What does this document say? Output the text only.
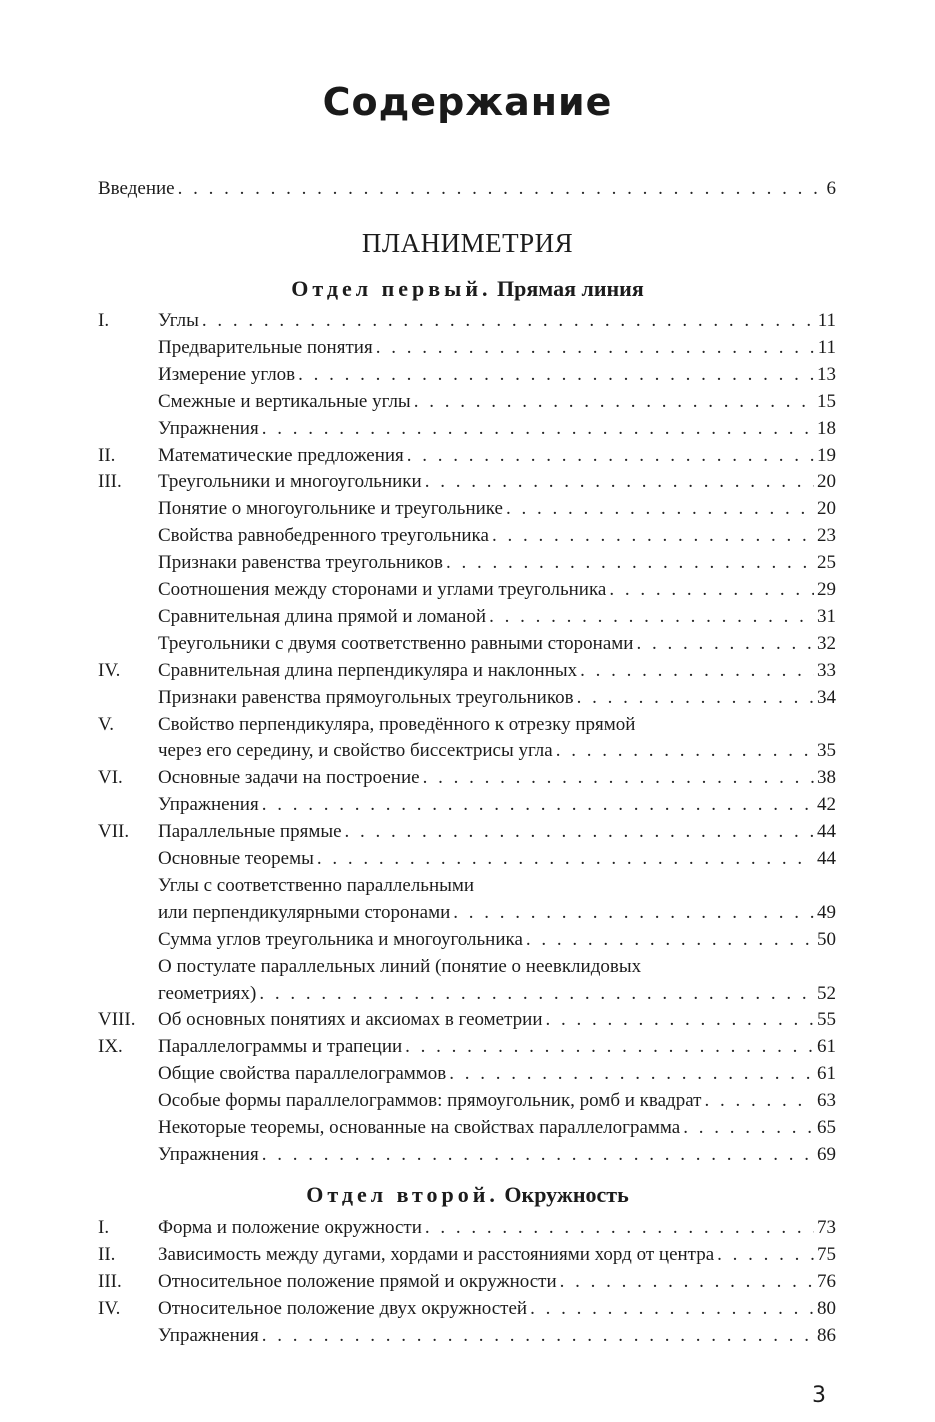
Содержание
Введение . . .	6
ПЛАНИМЕТРИЯ
Отдел первый. Прямая линия
I.	Углы . . .	11
Предварительные понятия . . .	11
Измерение углов . . .	13
Смежные и вертикальные углы . . .	15
Упражнения . . .	18
II.	Математические предложения . . .	19
III.	Треугольники и многоугольники . . .	20
Понятие о многоугольнике и треугольнике . . .	20
Свойства равнобедренного треугольника . . .	23
Признаки равенства треугольников . . .	25
Соотношения между сторонами и углами треугольника . . .	29
Сравнительная длина прямой и ломаной . . .	31
Треугольники с двумя соответственно равными сторонами . . .	32
IV.	Сравнительная длина перпендикуляра и наклонных . . .	33
Признаки равенства прямоугольных треугольников . . .	34
V.	Свойство перпендикуляра, проведённого к отрезку прямой
через его середину, и свойство биссектрисы угла . . .	35
VI.	Основные задачи на построение . . .	38
Упражнения . . .	42
VII.	Параллельные прямые . . .	44
Основные теоремы . . .	44
Углы с соответственно параллельными
или перпендикулярными сторонами . . .	49
Сумма углов треугольника и многоугольника . . .	50
О постулате параллельных линий (понятие о неевклидовых
геометриях) . . .	52
VIII.	Об основных понятиях и аксиомах в геометрии . . .	55
IX.	Параллелограммы и трапеции . . .	61
Общие свойства параллелограммов . . .	61
Особые формы параллелограммов: прямоугольник, ромб и квадрат . . .	63
Некоторые теоремы, основанные на свойствах параллелограмма . . .	65
Упражнения . . .	69
Отдел второй. Окружность
I.	Форма и положение окружности . . .	73
II.	Зависимость между дугами, хордами и расстояниями хорд от центра . . .	75
III.	Относительное положение прямой и окружности . . .	76
IV.	Относительное положение двух окружностей . . .	80
Упражнения . . .	86
3
